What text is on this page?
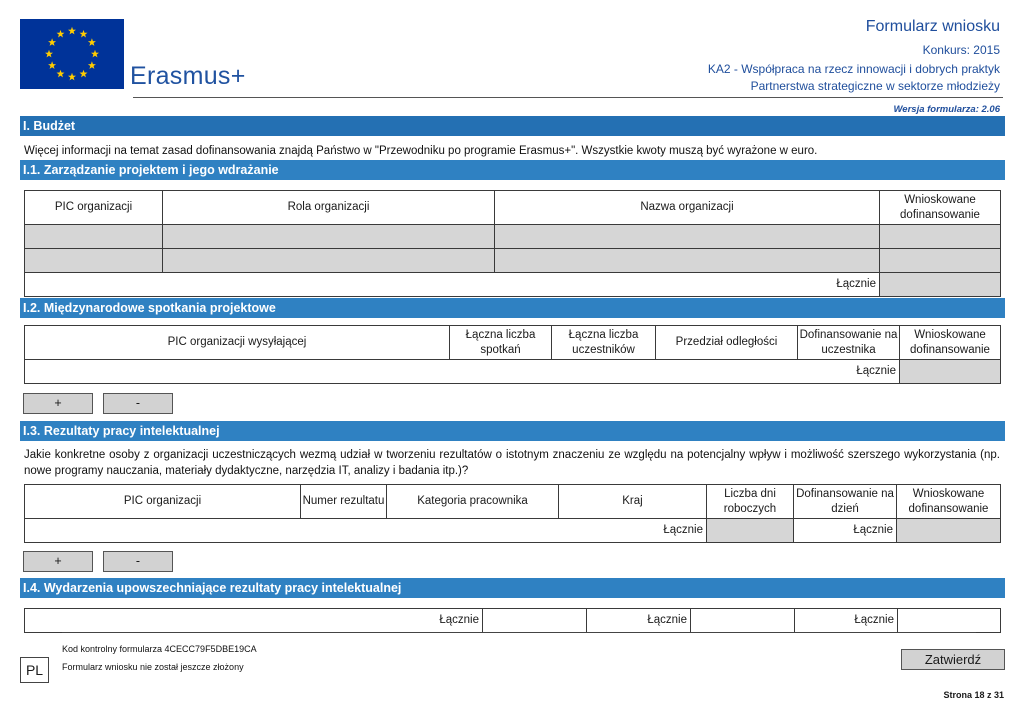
Erasmus+
Formularz wniosku
Konkurs: 2015
KA2 - Współpraca na rzecz innowacji i dobrych praktyk
Partnerstwa strategiczne w sektorze młodzieży
Wersja formularza: 2.06
I. Budżet
Więcej informacji na temat zasad dofinansowania znajdą Państwo w "Przewodniku po programie Erasmus+". Wszystkie kwoty muszą być wyrażone w euro.
I.1. Zarządzanie projektem i jego wdrażanie
PIC organizacji	Rola organizacji	Nazwa organizacji	Wnioskowane dofinansowanie

Łącznie			
I.2. Międzynarodowe spotkania projektowe
PIC organizacji wysyłającej	Łączna liczba spotkań	Łączna liczba uczestników	Przedział odległości	Dofinansowanie na uczestnika	Wnioskowane dofinansowanie
Łącznie					
+	-
I.3. Rezultaty pracy intelektualnej
Jakie konkretne osoby z organizacji uczestniczących wezmą udział w tworzeniu rezultatów o istotnym znaczeniu ze względu na potencjalny wpływ i możliwość szerszego wykorzystania (np. nowe programy nauczania, materiały dydaktyczne, narzędzia IT, analizy i badania itp.)?
PIC organizacji	Numer rezultatu	Kategoria pracownika	Kraj	Liczba dni roboczych	Dofinansowanie na dzień	Wnioskowane dofinansowanie
Łącznie					Łącznie	
+	-
I.4. Wydarzenia upowszechniające rezultaty pracy intelektualnej
Łącznie		Łącznie		Łącznie	
Kod kontrolny formularza 4CECC79F5DBE19CA
Formularz wniosku nie został jeszcze złożony
PL
Zatwierdź
Strona 18 z 31
